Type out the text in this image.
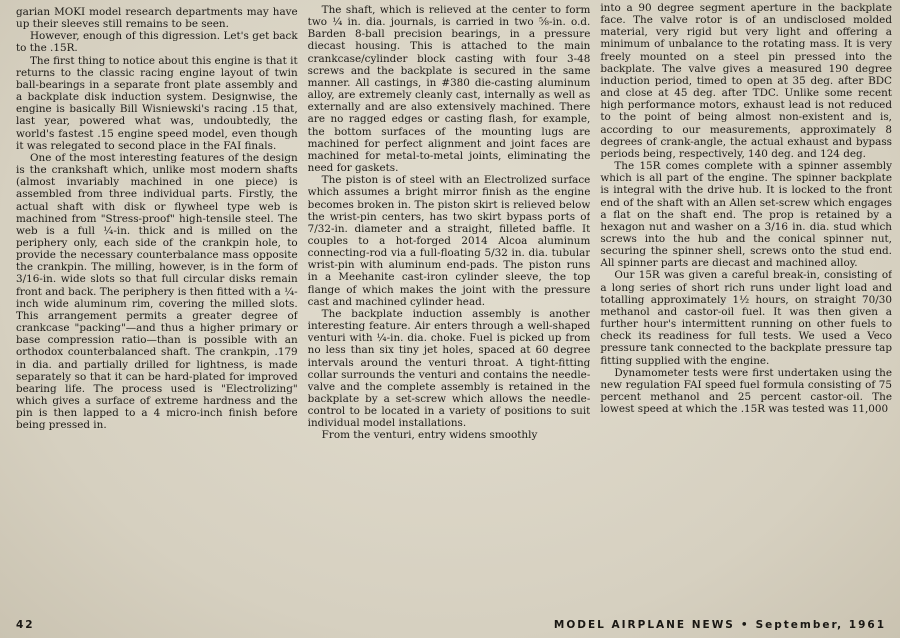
garian MOKI model research departments may have up their sleeves still remains to be seen.

However, enough of this digression. Let's get back to the .15R.

The first thing to notice about this engine is that it returns to the classic racing engine layout of twin ball-bearings in a separate front plate assembly and a backplate disk induction system. Designwise, the engine is basically Bill Wisniewski's racing .15 that, last year, powered what was, undoubtedly, the world's fastest .15 engine speed model, even though it was relegated to second place in the FAI finals.

One of the most interesting features of the design is the crankshaft which, unlike most modern shafts (almost invariably machined in one piece) is assembled from three individual parts. Firstly, the actual shaft with disk or flywheel type web is machined from "Stress-proof" high-tensile steel. The web is a full ¼-in. thick and is milled on the periphery only, each side of the crankpin hole, to provide the necessary counterbalance mass opposite the crankpin. The milling, however, is in the form of 3/16-in. wide slots so that full circular disks remain front and back. The periphery is then fitted with a ¼-inch wide aluminum rim, covering the milled slots. This arrangement permits a greater degree of crankcase "packing"—and thus a higher primary or base compression ratio—than is possible with an orthodox counterbalanced shaft. The crankpin, .179 in dia. and partially drilled for lightness, is made separately so that it can be hard-plated for improved bearing life. The process used is "Electrolizing" which gives a surface of extreme hardness and the pin is then lapped to a 4 micro-inch finish before being pressed in.

The shaft, which is relieved at the center to form two ¼ in. dia. journals, is carried in two ⅝-in. o.d. Barden 8-ball precision bearings, in a pressure diecast housing. This is attached to the main crankcase/cylinder block casting with four 3-48 screws and the backplate is secured in the same manner. All castings, in #380 die-casting aluminum alloy, are extremely cleanly cast, internally as well as externally and are also extensively machined. There are no ragged edges or casting flash, for example, the bottom surfaces of the mounting lugs are machined for perfect alignment and joint faces are machined for metal-to-metal joints, eliminating the need for gaskets.

The piston is of steel with an Electrolized surface which assumes a bright mirror finish as the engine becomes broken in. The piston skirt is relieved below the wrist-pin centers, has two skirt bypass ports of 7/32-in. diameter and a straight, filleted baffle. It couples to a hot-forged 2014 Alcoa aluminum connecting-rod via a full-floating 5/32 in. dia. tubular wrist-pin with aluminum end-pads. The piston runs in a Meehanite cast-iron cylinder sleeve, the top flange of which makes the joint with the pressure cast and machined cylinder head.

The backplate induction assembly is another interesting feature. Air enters through a well-shaped venturi with ¼-in. dia. choke. Fuel is picked up from no less than six tiny jet holes, spaced at 60 degree intervals around the venturi throat. A tight-fitting collar surrounds the venturi and contains the needle-valve and the complete assembly is retained in the backplate by a set-screw which allows the needle-control to be located in a variety of positions to suit individual model installations.

From the venturi, entry widens smoothly

into a 90 degree segment aperture in the backplate face. The valve rotor is of an undisclosed molded material, very rigid but very light and offering a minimum of unbalance to the rotating mass. It is very freely mounted on a steel pin pressed into the backplate. The valve gives a measured 190 degree induction period, timed to open at 35 deg. after BDC and close at 45 deg. after TDC. Unlike some recent high performance motors, exhaust lead is not reduced to the point of being almost non-existent and is, according to our measurements, approximately 8 degrees of crank-angle, the actual exhaust and bypass periods being, respectively, 140 deg. and 124 deg.

The 15R comes complete with a spinner assembly which is all part of the engine. The spinner backplate is integral with the drive hub. It is locked to the front end of the shaft with an Allen set-screw which engages a flat on the shaft end. The prop is retained by a hexagon nut and washer on a 3/16 in. dia. stud which screws into the hub and the conical spinner nut, securing the spinner shell, screws onto the stud end. All spinner parts are diecast and machined alloy.

Our 15R was given a careful break-in, consisting of a long series of short rich runs under light load and totalling approximately 1½ hours, on straight 70/30 methanol and castor-oil fuel. It was then given a further hour's intermittent running on other fuels to check its readiness for full tests. We used a Veco pressure tank connected to the backplate pressure tap fitting supplied with the engine.

Dynamometer tests were first undertaken using the new regulation FAI speed fuel formula consisting of 75 percent methanol and 25 percent castor-oil. The lowest speed at which the .15R was tested was 11,000

42	MODEL AIRPLANE NEWS • September, 1961
